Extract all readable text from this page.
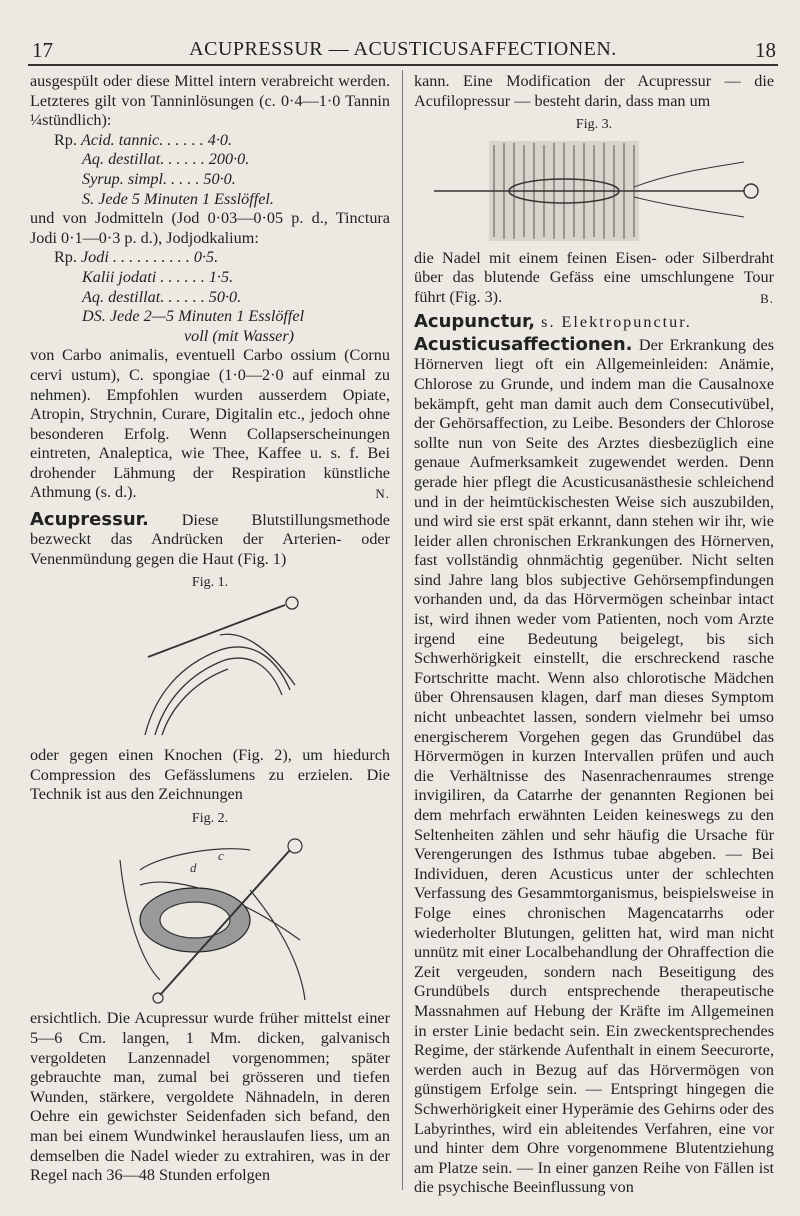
17	ACUPRESSUR — ACUSTICUSAFFECTIONEN.	18

ausgespült oder diese Mittel intern verabreicht werden. Letzteres gilt von Tanninlösungen (c. 0·4—1·0 Tannin ¼stündlich):

Rp. Acid. tannic. . . . . . 4·0.
Aq. destillat. . . . . . 200·0.
Syrup. simpl. . . . . 50·0.
S. Jede 5 Minuten 1 Esslöffel.

und von Jodmitteln (Jod 0·03—0·05 p. d., Tinctura Jodi 0·1—0·3 p. d.), Jodjodkalium:

Rp. Jodi . . . . . . . . . . 0·5.
Kalii jodati . . . . . . 1·5.
Aq. destillat. . . . . . 50·0.
DS. Jede 2—5 Minuten 1 Esslöffel
voll (mit Wasser)

von Carbo animalis, eventuell Carbo ossium (Cornu cervi ustum), C. spongiae (1·0—2·0 auf einmal zu nehmen). Empfohlen wurden ausserdem Opiate, Atropin, Strychnin, Curare, Digitalin etc., jedoch ohne besonderen Erfolg. Wenn Collapserscheinungen eintreten, Analeptica, wie Thee, Kaffee u. s. f. Bei drohender Lähmung der Respiration künstliche Athmung (s. d.).	N.

Acupressur. Diese Blutstillungsmethode bezweckt das Andrücken der Arterien- oder Venenmündung gegen die Haut (Fig. 1)

Fig. 1.

oder gegen einen Knochen (Fig. 2), um hiedurch Compression des Gefässlumens zu erzielen. Die Technik ist aus den Zeichnungen

Fig. 2.
c
d

ersichtlich. Die Acupressur wurde früher mittelst einer 5—6 Cm. langen, 1 Mm. dicken, galvanisch vergoldeten Lanzennadel vorgenommen; später gebrauchte man, zumal bei grösseren und tiefen Wunden, stärkere, vergoldete Nähnadeln, in deren Oehre ein gewichster Seidenfaden sich befand, den man bei einem Wundwinkel herauslaufen liess, um an demselben die Nadel wieder zu extrahiren, was in der Regel nach 36—48 Stunden erfolgen

kann. Eine Modification der Acupressur — die Acufilopressur — besteht darin, dass man um

Fig. 3.

die Nadel mit einem feinen Eisen- oder Silberdraht über das blutende Gefäss eine umschlungene Tour führt (Fig. 3).	B.

Acupunctur, s. Elektropunctur.

Acusticusaffectionen. Der Erkrankung des Hörnerven liegt oft ein Allgemeinleiden: Anämie, Chlorose zu Grunde, und indem man die Causalnoxe bekämpft, geht man damit auch dem Consecutivübel, der Gehörsaffection, zu Leibe. Besonders der Chlorose sollte nun von Seite des Arztes diesbezüglich eine genaue Aufmerksamkeit zugewendet werden. Denn gerade hier pflegt die Acusticusanästhesie schleichend und in der heimtückischesten Weise sich auszubilden, und wird sie erst spät erkannt, dann stehen wir ihr, wie leider allen chronischen Erkrankungen des Hörnerven, fast vollständig ohnmächtig gegenüber. Nicht selten sind Jahre lang blos subjective Gehörsempfindungen vorhanden und, da das Hörvermögen scheinbar intact ist, wird ihnen weder vom Patienten, noch vom Arzte irgend eine Bedeutung beigelegt, bis sich Schwerhörigkeit einstellt, die erschreckend rasche Fortschritte macht. Wenn also chlorotische Mädchen über Ohrensausen klagen, darf man dieses Symptom nicht unbeachtet lassen, sondern vielmehr bei umso energischerem Vorgehen gegen das Grundübel das Hörvermögen in kurzen Intervallen prüfen und auch die Verhältnisse des Nasenrachenraumes strenge invigiliren, da Catarrhe der genannten Regionen bei dem mehrfach erwähnten Leiden keineswegs zu den Seltenheiten zählen und sehr häufig die Ursache für Verengerungen des Isthmus tubae abgeben. — Bei Individuen, deren Acusticus unter der schlechten Verfassung des Gesammtorganismus, beispielsweise in Folge eines chronischen Magencatarrhs oder wiederholter Blutungen, gelitten hat, wird man nicht unnütz mit einer Localbehandlung der Ohraffection die Zeit vergeuden, sondern nach Beseitigung des Grundübels durch entsprechende therapeutische Massnahmen auf Hebung der Kräfte im Allgemeinen in erster Linie bedacht sein. Ein zweckentsprechendes Regime, der stärkende Aufenthalt in einem Seecurorte, werden auch in Bezug auf das Hörvermögen von günstigem Erfolge sein. — Entspringt hingegen die Schwerhörigkeit einer Hyperämie des Gehirns oder des Labyrinthes, wird ein ableitendes Verfahren, eine vor und hinter dem Ohre vorgenommene Blutentziehung am Platze sein. — In einer ganzen Reihe von Fällen ist die psychische Beeinflussung von
